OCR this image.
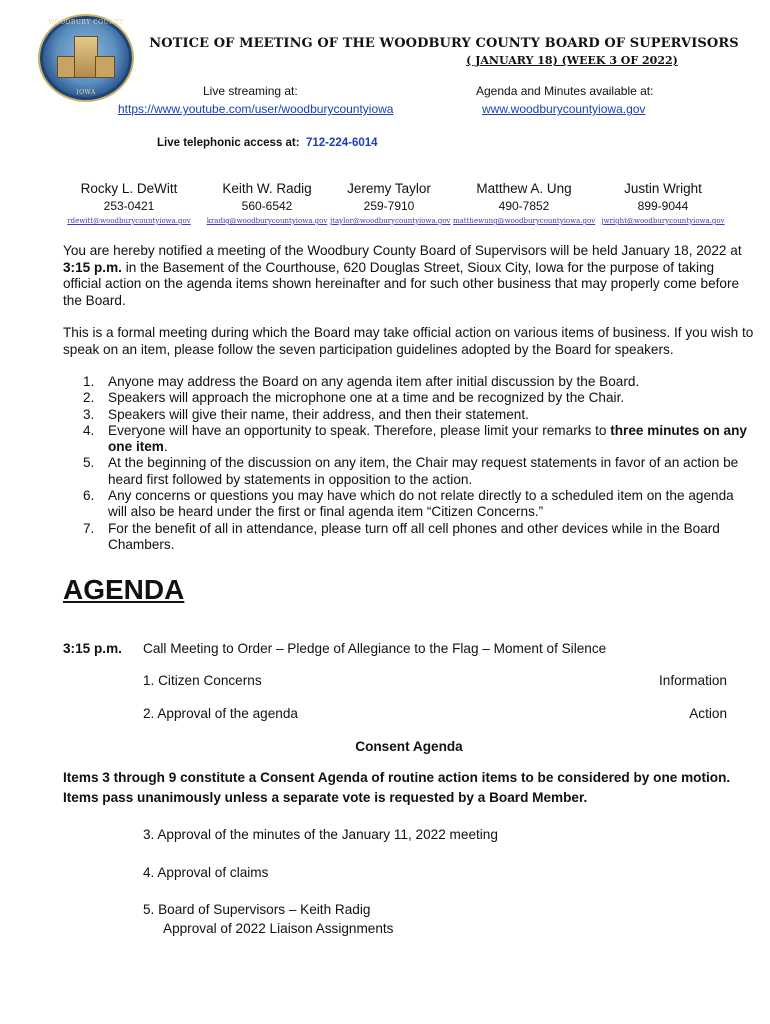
WOODBURY COUNTY
IOWA
NOTICE OF MEETING OF THE WOODBURY COUNTY BOARD OF SUPERVISORS
( JANUARY 18) (WEEK 3 OF 2022)
Live streaming at:
https://www.youtube.com/user/woodburycountyiowa
Agenda and Minutes available at:
www.woodburycountyiowa.gov
Live telephonic access at: 712-224-6014
Rocky L. DeWitt
253-0421
rdewitt@woodburycountyiowa.gov
Keith W. Radig
560-6542
kradig@woodburycountyiowa.gov
Jeremy Taylor
259-7910
jtaylor@woodburycountyiowa.gov
Matthew A. Ung
490-7852
matthewung@woodburycountyiowa.gov
Justin Wright
899-9044
jwright@woodburycountyiowa.gov
You are hereby notified a meeting of the Woodbury County Board of Supervisors will be held January 18, 2022 at 3:15 p.m. in the Basement of the Courthouse, 620 Douglas Street, Sioux City, Iowa for the purpose of taking official action on the agenda items shown hereinafter and for such other business that may properly come before the Board.
This is a formal meeting during which the Board may take official action on various items of business. If you wish to speak on an item, please follow the seven participation guidelines adopted by the Board for speakers.
1. Anyone may address the Board on any agenda item after initial discussion by the Board.
2. Speakers will approach the microphone one at a time and be recognized by the Chair.
3. Speakers will give their name, their address, and then their statement.
4. Everyone will have an opportunity to speak. Therefore, please limit your remarks to three minutes on any one item.
5. At the beginning of the discussion on any item, the Chair may request statements in favor of an action be heard first followed by statements in opposition to the action.
6. Any concerns or questions you may have which do not relate directly to a scheduled item on the agenda will also be heard under the first or final agenda item “Citizen Concerns.”
7. For the benefit of all in attendance, please turn off all cell phones and other devices while in the Board Chambers.
AGENDA
3:15 p.m. Call Meeting to Order – Pledge of Allegiance to the Flag – Moment of Silence
1. Citizen Concerns	Information
2. Approval of the agenda	Action
Consent Agenda
Items 3 through 9 constitute a Consent Agenda of routine action items to be considered by one motion. Items pass unanimously unless a separate vote is requested by a Board Member.
3. Approval of the minutes of the January 11, 2022 meeting
4. Approval of claims
5. Board of Supervisors – Keith Radig
Approval of 2022 Liaison Assignments
